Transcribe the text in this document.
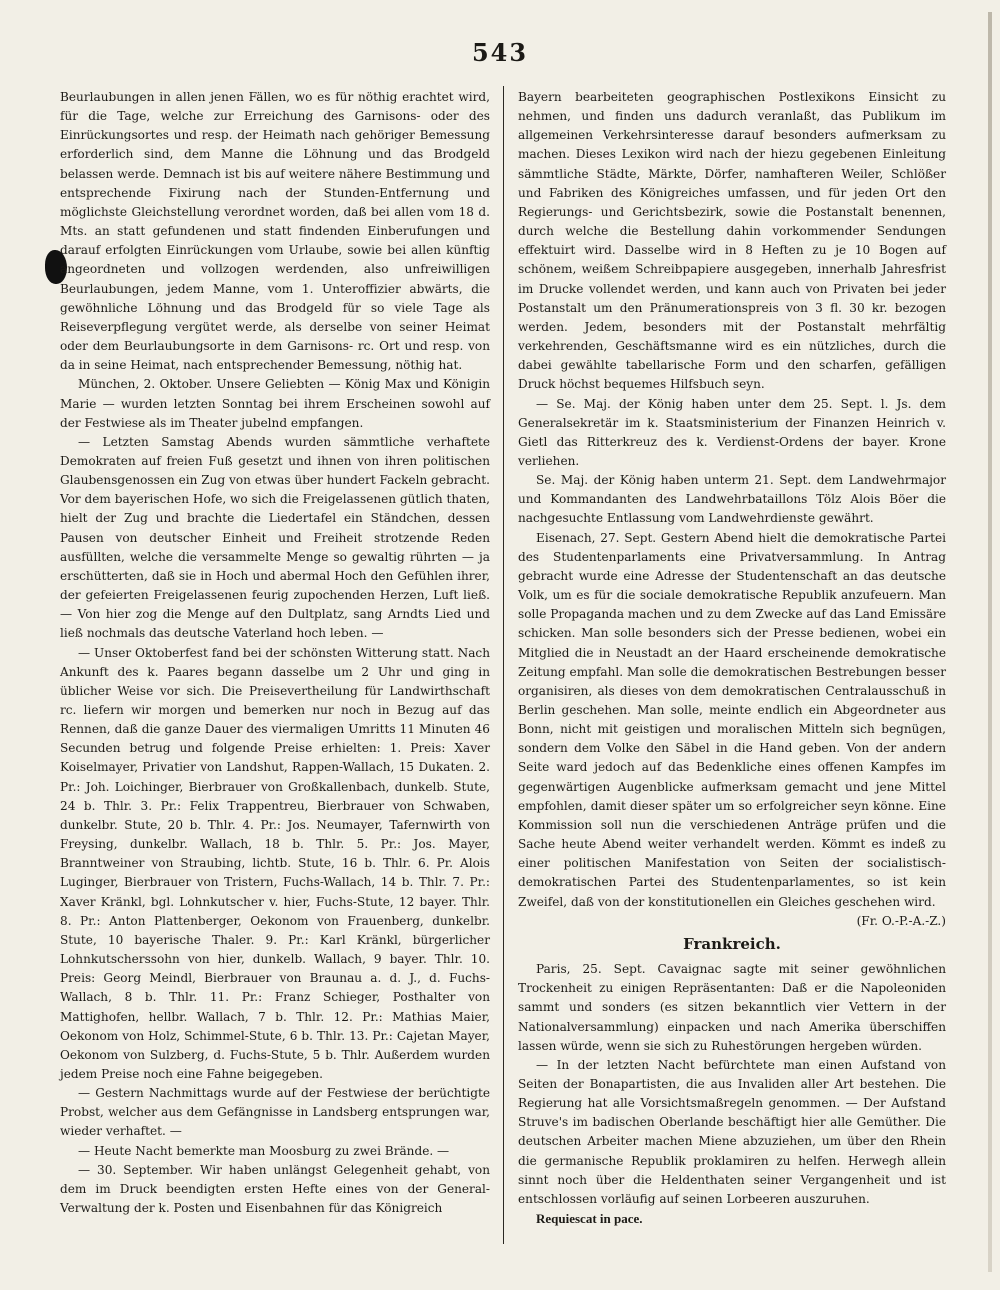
543

Beurlaubungen in allen jenen Fällen, wo es für nöthig erachtet wird, für die Tage, welche zur Erreichung des Garnisons- oder des Einrückungsortes und resp. der Heimath nach gehöriger Bemessung erforderlich sind, dem Manne die Löhnung und das Brodgeld belassen werde. Demnach ist bis auf weitere nähere Bestimmung und entsprechende Fixirung nach der Stunden-Entfernung und möglichste Gleichstellung verordnet worden, daß bei allen vom 18 d. Mts. an statt gefundenen und statt findenden Einberufungen und darauf erfolgten Einrückungen vom Urlaube, sowie bei allen künftig angeordneten und vollzogen werdenden, also unfreiwilligen Beurlaubungen, jedem Manne, vom 1. Unteroffizier abwärts, die gewöhnliche Löhnung und das Brodgeld für so viele Tage als Reiseverpflegung vergütet werde, als derselbe von seiner Heimat oder dem Beurlaubungsorte in dem Garnisons- rc. Ort und resp. von da in seine Heimat, nach entsprechender Bemessung, nöthig hat.

München, 2. Oktober. Unsere Geliebten — König Max und Königin Marie — wurden letzten Sonntag bei ihrem Erscheinen sowohl auf der Festwiese als im Theater jubelnd empfangen.

— Letzten Samstag Abends wurden sämmtliche verhaftete Demokraten auf freien Fuß gesetzt und ihnen von ihren politischen Glaubensgenossen ein Zug von etwas über hundert Fackeln gebracht. Vor dem bayerischen Hofe, wo sich die Freigelassenen gütlich thaten, hielt der Zug und brachte die Liedertafel ein Ständchen, dessen Pausen von deutscher Einheit und Freiheit strotzende Reden ausfüllten, welche die versammelte Menge so gewaltig rührten — ja erschütterten, daß sie in Hoch und abermal Hoch den Gefühlen ihrer, der gefeierten Freigelassenen feurig zupochenden Herzen, Luft ließ. — Von hier zog die Menge auf den Dultplatz, sang Arndts Lied und ließ nochmals das deutsche Vaterland hoch leben. —

— Unser Oktoberfest fand bei der schönsten Witterung statt. Nach Ankunft des k. Paares begann dasselbe um 2 Uhr und ging in üblicher Weise vor sich. Die Preisevertheilung für Landwirthschaft rc. liefern wir morgen und bemerken nur noch in Bezug auf das Rennen, daß die ganze Dauer des viermaligen Umritts 11 Minuten 46 Secunden betrug und folgende Preise erhielten: 1. Preis: Xaver Koiselmayer, Privatier von Landshut, Rappen-Wallach, 15 Dukaten. 2. Pr.: Joh. Loichinger, Bierbrauer von Großkallenbach, dunkelb. Stute, 24 b. Thlr. 3. Pr.: Felix Trappentreu, Bierbrauer von Schwaben, dunkelbr. Stute, 20 b. Thlr. 4. Pr.: Jos. Neumayer, Tafernwirth von Freysing, dunkelbr. Wallach, 18 b. Thlr. 5. Pr.: Jos. Mayer, Branntweiner von Straubing, lichtb. Stute, 16 b. Thlr. 6. Pr. Alois Luginger, Bierbrauer von Tristern, Fuchs-Wallach, 14 b. Thlr. 7. Pr.: Xaver Kränkl, bgl. Lohnkutscher v. hier, Fuchs-Stute, 12 bayer. Thlr. 8. Pr.: Anton Plattenberger, Oekonom von Frauenberg, dunkelbr. Stute, 10 bayerische Thaler. 9. Pr.: Karl Kränkl, bürgerlicher Lohnkutscherssohn von hier, dunkelb. Wallach, 9 bayer. Thlr. 10. Preis: Georg Meindl, Bierbrauer von Braunau a. d. J., d. Fuchs-Wallach, 8 b. Thlr. 11. Pr.: Franz Schieger, Posthalter von Mattighofen, hellbr. Wallach, 7 b. Thlr. 12. Pr.: Mathias Maier, Oekonom von Holz, Schimmel-Stute, 6 b. Thlr. 13. Pr.: Cajetan Mayer, Oekonom von Sulzberg, d. Fuchs-Stute, 5 b. Thlr. Außerdem wurden jedem Preise noch eine Fahne beigegeben.

— Gestern Nachmittags wurde auf der Festwiese der berüchtigte Probst, welcher aus dem Gefängnisse in Landsberg entsprungen war, wieder verhaftet. —

— Heute Nacht bemerkte man Moosburg zu zwei Brände. —

— 30. September. Wir haben unlängst Gelegenheit gehabt, von dem im Druck beendigten ersten Hefte eines von der General-Verwaltung der k. Posten und Eisenbahnen für das Königreich

Bayern bearbeiteten geographischen Postlexikons Einsicht zu nehmen, und finden uns dadurch veranlaßt, das Publikum im allgemeinen Verkehrsinteresse darauf besonders aufmerksam zu machen. Dieses Lexikon wird nach der hiezu gegebenen Einleitung sämmtliche Städte, Märkte, Dörfer, namhafteren Weiler, Schlößer und Fabriken des Königreiches umfassen, und für jeden Ort den Regierungs- und Gerichtsbezirk, sowie die Postanstalt benennen, durch welche die Bestellung dahin vorkommender Sendungen effektuirt wird. Dasselbe wird in 8 Heften zu je 10 Bogen auf schönem, weißem Schreibpapiere ausgegeben, innerhalb Jahresfrist im Drucke vollendet werden, und kann auch von Privaten bei jeder Postanstalt um den Pränumerationspreis von 3 fl. 30 kr. bezogen werden. Jedem, besonders mit der Postanstalt mehrfältig verkehrenden, Geschäftsmanne wird es ein nützliches, durch die dabei gewählte tabellarische Form und den scharfen, gefälligen Druck höchst bequemes Hilfsbuch seyn.

— Se. Maj. der König haben unter dem 25. Sept. l. Js. dem Generalsekretär im k. Staatsministerium der Finanzen Heinrich v. Gietl das Ritterkreuz des k. Verdienst-Ordens der bayer. Krone verliehen.

Se. Maj. der König haben unterm 21. Sept. dem Landwehrmajor und Kommandanten des Landwehrbataillons Tölz Alois Böer die nachgesuchte Entlassung vom Landwehrdienste gewährt.

Eisenach, 27. Sept. Gestern Abend hielt die demokratische Partei des Studentenparlaments eine Privatversammlung. In Antrag gebracht wurde eine Adresse der Studentenschaft an das deutsche Volk, um es für die sociale demokratische Republik anzufeuern. Man solle Propaganda machen und zu dem Zwecke auf das Land Emissäre schicken. Man solle besonders sich der Presse bedienen, wobei ein Mitglied die in Neustadt an der Haard erscheinende demokratische Zeitung empfahl. Man solle die demokratischen Bestrebungen besser organisiren, als dieses von dem demokratischen Centralausschuß in Berlin geschehen. Man solle, meinte endlich ein Abgeordneter aus Bonn, nicht mit geistigen und moralischen Mitteln sich begnügen, sondern dem Volke den Säbel in die Hand geben. Von der andern Seite ward jedoch auf das Bedenkliche eines offenen Kampfes im gegenwärtigen Augenblicke aufmerksam gemacht und jene Mittel empfohlen, damit dieser später um so erfolgreicher seyn könne. Eine Kommission soll nun die verschiedenen Anträge prüfen und die Sache heute Abend weiter verhandelt werden. Kömmt es indeß zu einer politischen Manifestation von Seiten der socialistisch-demokratischen Partei des Studentenparlamentes, so ist kein Zweifel, daß von der konstitutionellen ein Gleiches geschehen wird.

(Fr. O.-P.-A.-Z.)

Frankreich.

Paris, 25. Sept. Cavaignac sagte mit seiner gewöhnlichen Trockenheit zu einigen Repräsentanten: Daß er die Napoleoniden sammt und sonders (es sitzen bekanntlich vier Vettern in der Nationalversammlung) einpacken und nach Amerika überschiffen lassen würde, wenn sie sich zu Ruhestörungen hergeben würden.

— In der letzten Nacht befürchtete man einen Aufstand von Seiten der Bonapartisten, die aus Invaliden aller Art bestehen. Die Regierung hat alle Vorsichtsmaßregeln genommen. — Der Aufstand Struve's im badischen Oberlande beschäftigt hier alle Gemüther. Die deutschen Arbeiter machen Miene abzuziehen, um über den Rhein die germanische Republik proklamiren zu helfen. Herwegh allein sinnt noch über die Heldenthaten seiner Vergangenheit und ist entschlossen vorläufig auf seinen Lorbeeren auszuruhen.

Requiescat in pace.
